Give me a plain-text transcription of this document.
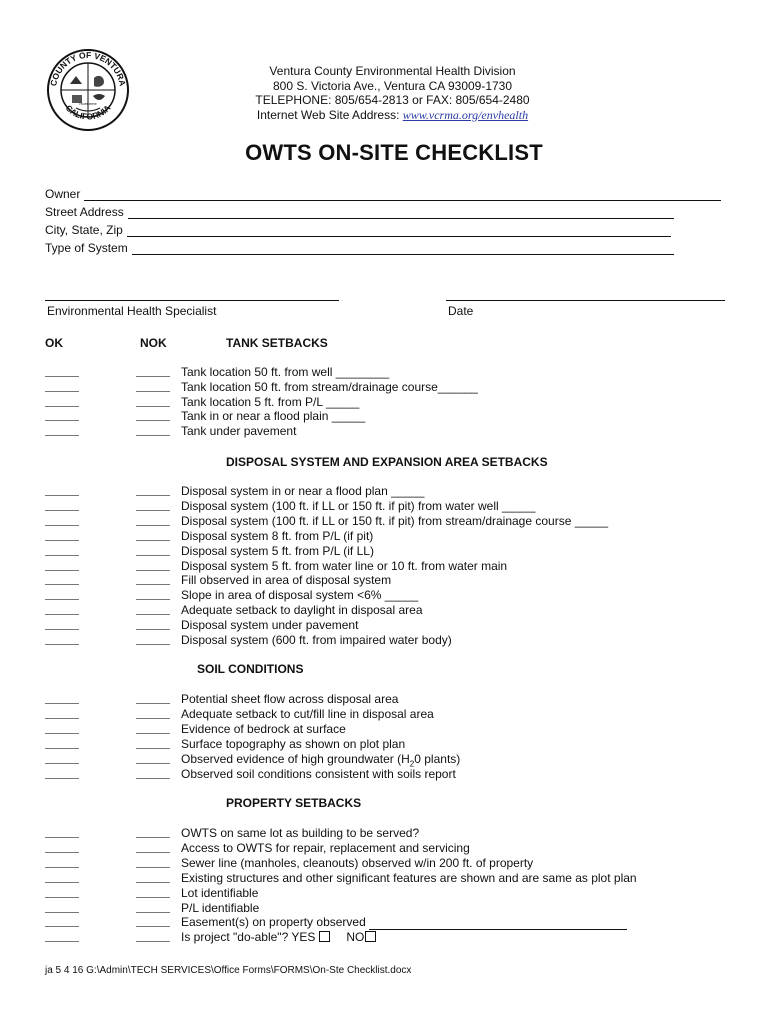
COUNTY OF VENTURA
CALIFORNIA
Hueneme
Ventura County Environmental Health Division
800 S. Victoria Ave., Ventura CA 93009-1730
TELEPHONE: 805/654-2813 or FAX: 805/654-2480
Internet Web Site Address: www.vcrma.org/envhealth
OWTS ON-SITE CHECKLIST
Owner
Street Address
City, State, Zip
Type of System
Environmental Health Specialist	Date
OK	NOK	TANK SETBACKS
Tank location 50 ft. from well ________
Tank location 50 ft. from stream/drainage course______
Tank location 5 ft. from P/L _____
Tank in or near a flood plain _____
Tank under pavement
DISPOSAL SYSTEM AND EXPANSION AREA SETBACKS
Disposal system in or near a flood plan _____
Disposal system (100 ft. if LL or 150 ft. if pit) from water well _____
Disposal system (100 ft. if LL or 150 ft. if pit) from stream/drainage course _____
Disposal system 8 ft. from P/L (if pit)
Disposal system 5 ft. from P/L (if LL)
Disposal system 5 ft. from water line or 10 ft. from water main
Fill observed in area of disposal system
Slope in area of disposal system <6% _____
Adequate setback to daylight in disposal area
Disposal system under pavement
Disposal system (600 ft. from impaired water body)
SOIL CONDITIONS
Potential sheet flow across disposal area
Adequate setback to cut/fill line in disposal area
Evidence of bedrock at surface
Surface topography as shown on plot plan
Observed evidence of high groundwater ($H_20$ plants)
Observed soil conditions consistent with soils report
PROPERTY SETBACKS
OWTS on same lot as building to be served?
Access to OWTS for repair, replacement and servicing
Sewer line (manholes, cleanouts) observed w/in 200 ft. of property
Existing structures and other significant features are shown and are same as plot plan
Lot identifiable
P/L identifiable
Easement(s) on property observed
Is project "do-able"? YES	NO
ja 5 4 16 G:\Admin\TECH SERVICES\Office Forms\FORMS\On-Ste Checklist.docx
